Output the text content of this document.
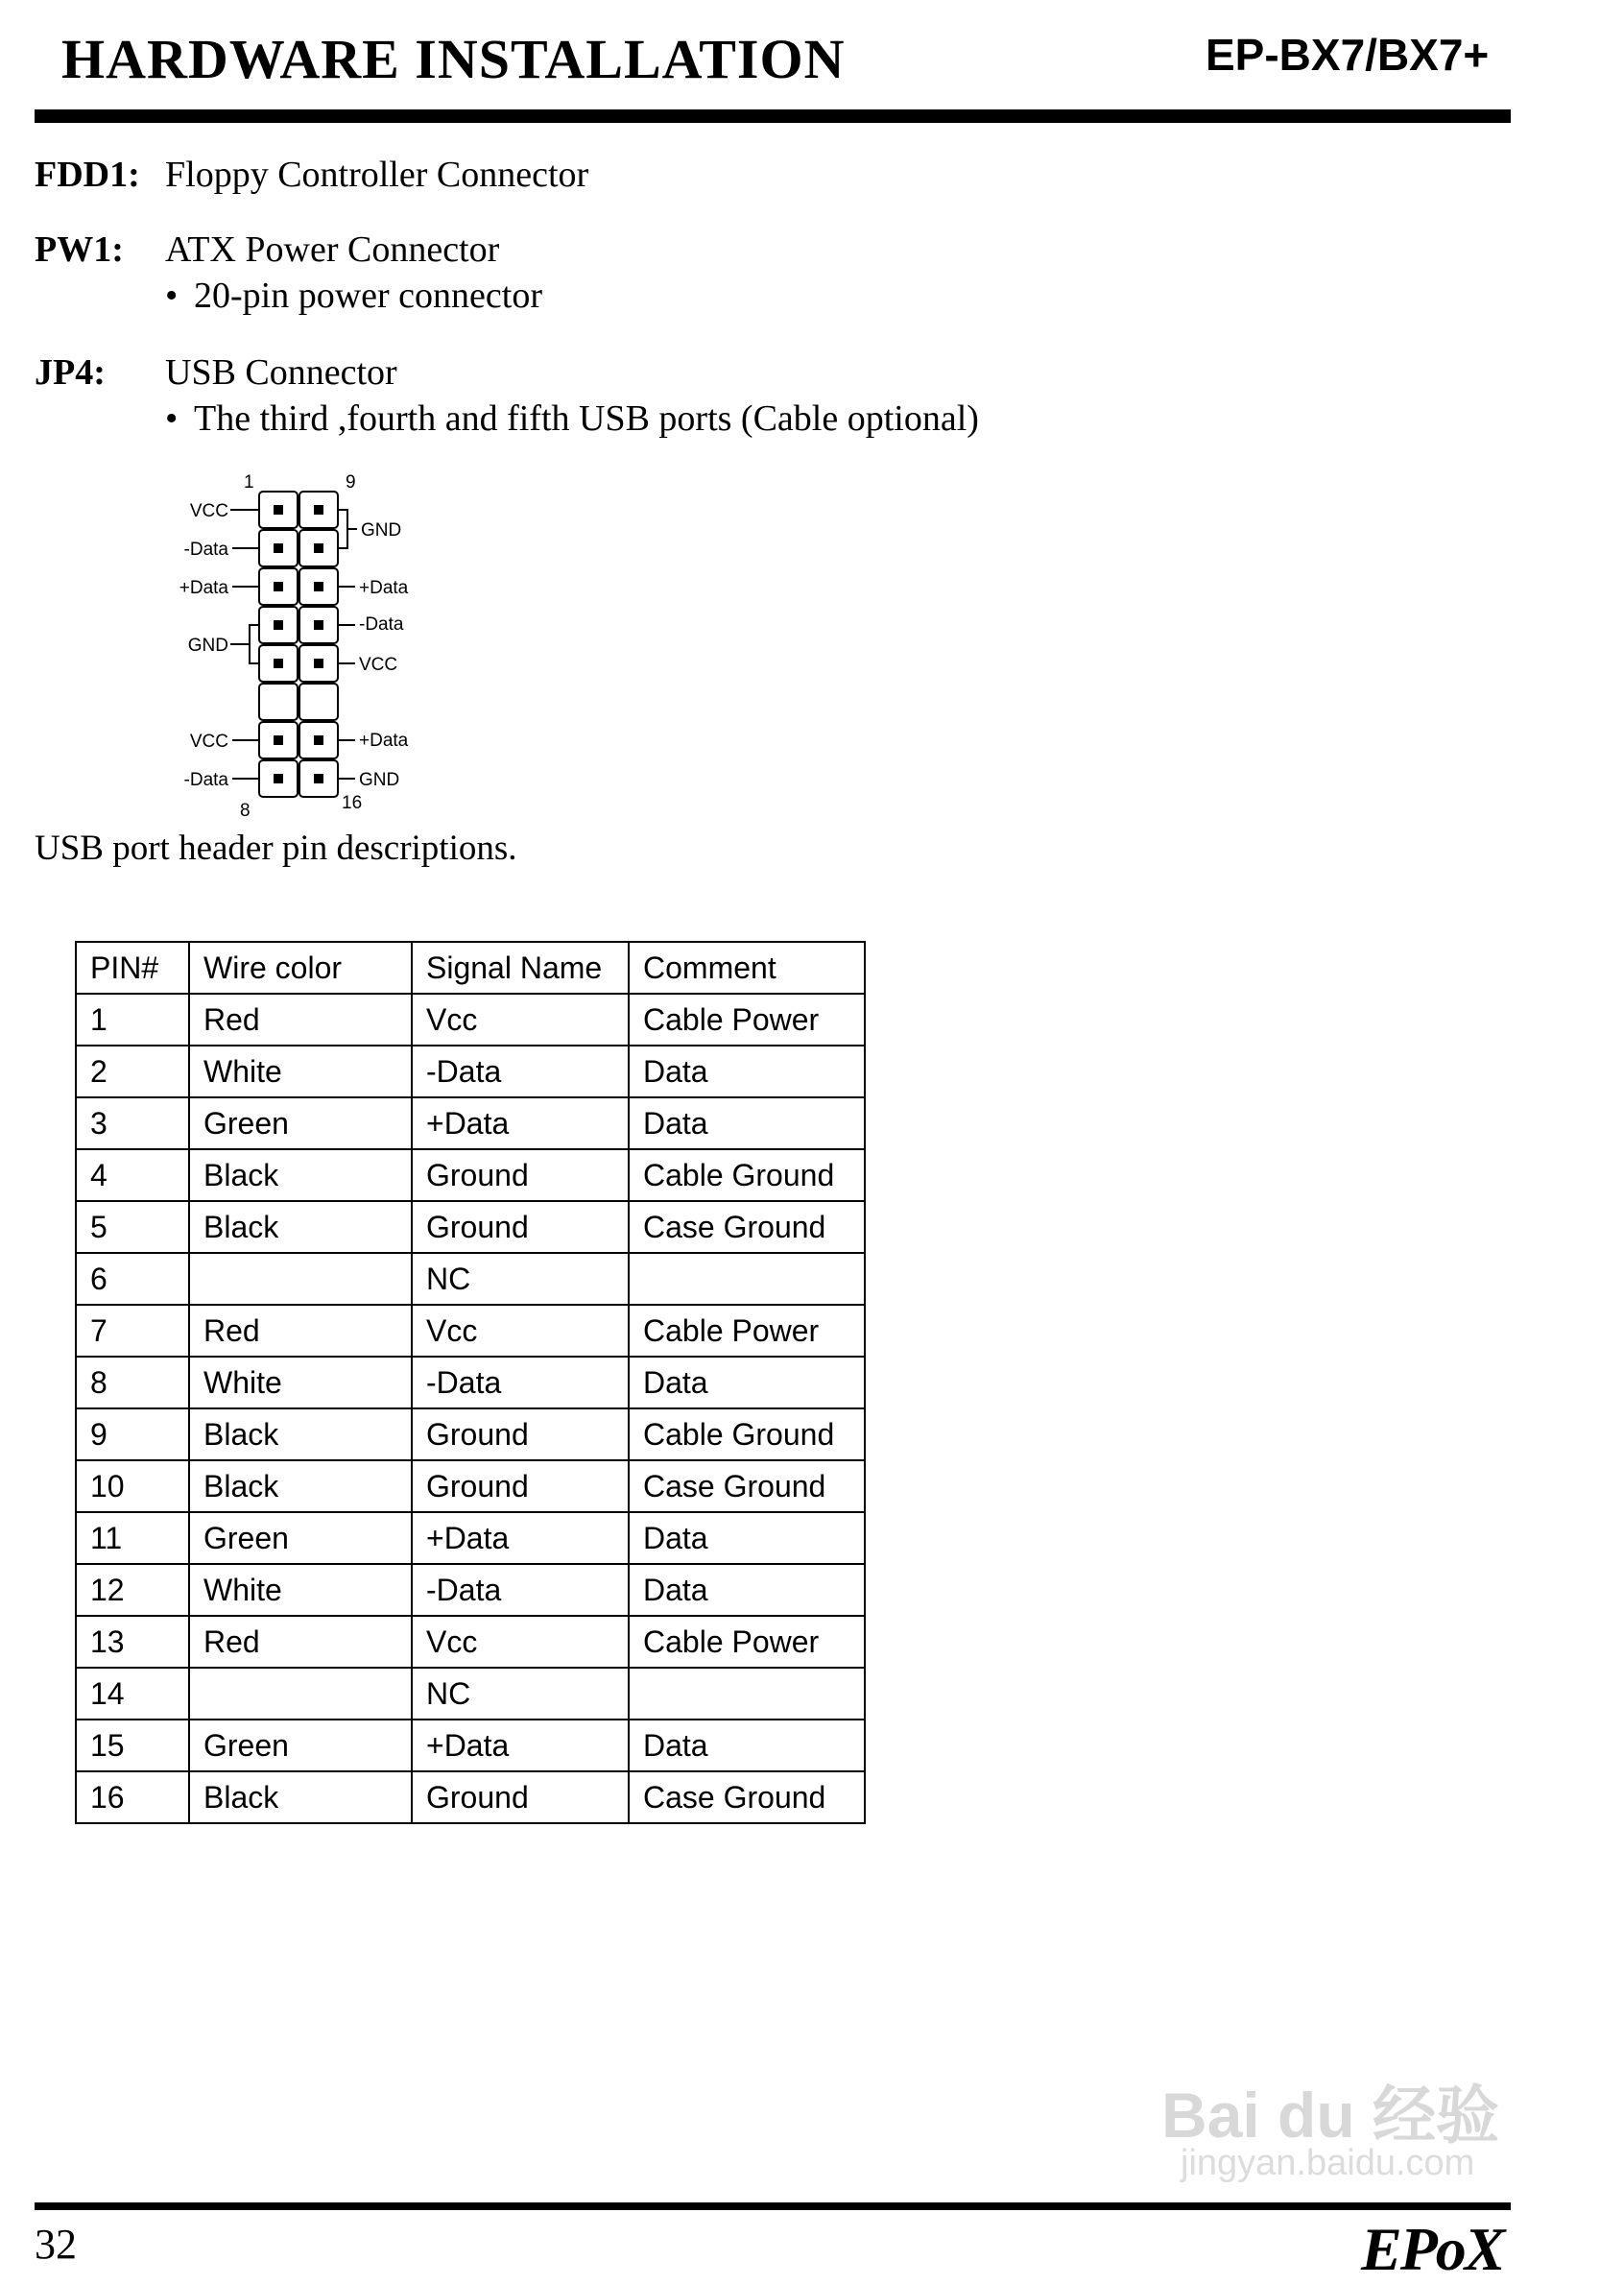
HARDWARE INSTALLATION	EP-BX7/BX7+
FDD1: Floppy Controller Connector
PW1: ATX Power Connector
• 20-pin power connector
JP4: USB Connector
• The third ,fourth and fifth USB ports (Cable optional)
1	9
VCC
-Data
+Data
GND
VCC
-Data
GND
+Data
-Data
VCC
+Data
GND
8	16
USB port header pin descriptions.
PIN#	Wire color	Signal Name	Comment
1	Red	Vcc	Cable Power
2	White	-Data	Data
3	Green	+Data	Data
4	Black	Ground	Cable Ground
5	Black	Ground	Case Ground
6		NC	
7	Red	Vcc	Cable Power
8	White	-Data	Data
9	Black	Ground	Cable Ground
10	Black	Ground	Case Ground
11	Green	+Data	Data
12	White	-Data	Data
13	Red	Vcc	Cable Power
14		NC	
15	Green	+Data	Data
16	Black	Ground	Case Ground
Bai du 经验
jingyan.baidu.com
32	EPoX
